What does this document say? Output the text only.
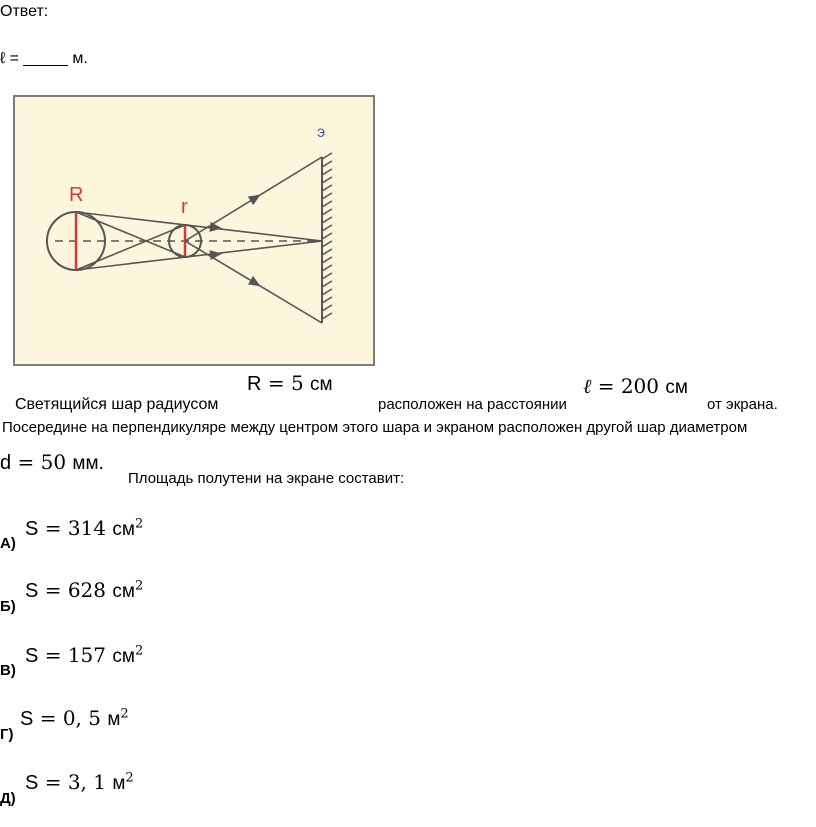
Ответ:
ℓ = _____ м.
э
R
r
R = 5 см
Светящийся шар радиусом	расположен на расстоянии
ℓ = 200 см
от экрана.
Посередине на перпендикуляре между центром этого шара и экраном расположен другой шар диаметром
d = 50 мм.
Площадь полутени на экране составит:
А)
S = 314 $см^2$
Б)
S = 628 $см^2$
В)
S = 157 $см^2$
Г)
S = 0, 5 $м^2$
Д)
S = 3, 1 $м^2$
